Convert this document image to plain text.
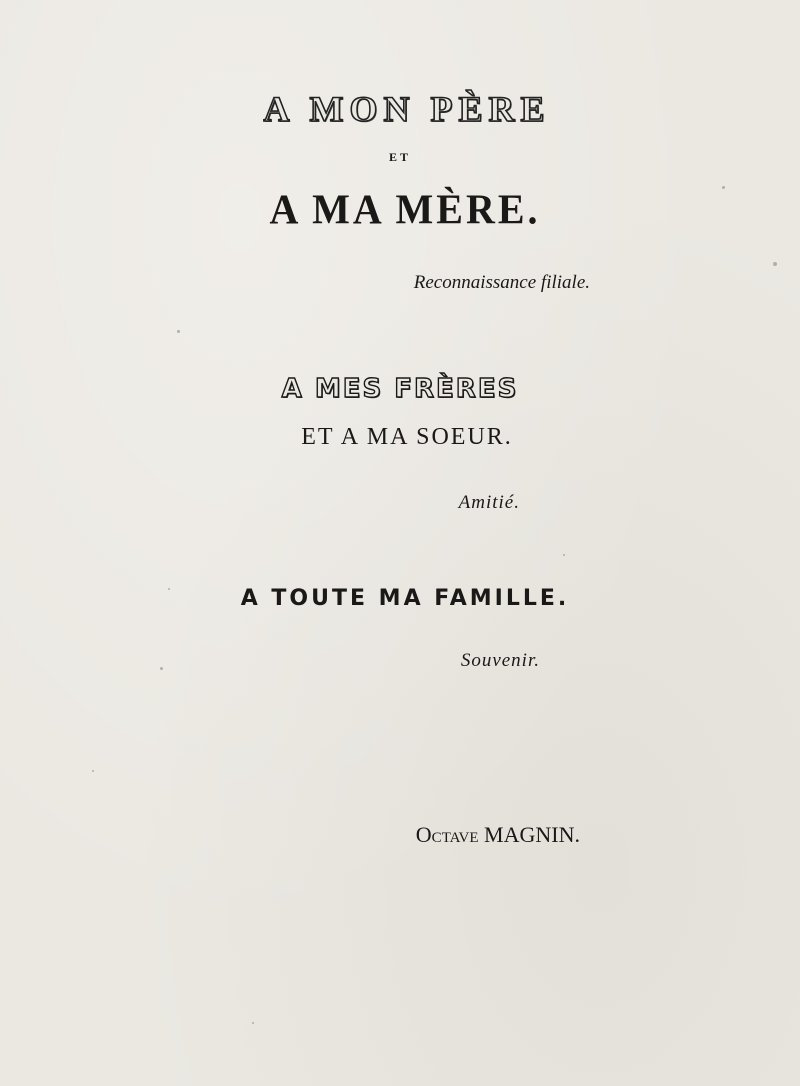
A MON PÈRE
ET
A MA MÈRE.
Reconnaissance filiale.
A MES FRÈRES
ET A MA SOEUR.
Amitié.
A TOUTE MA FAMILLE.
Souvenir.
Octave MAGNIN.
